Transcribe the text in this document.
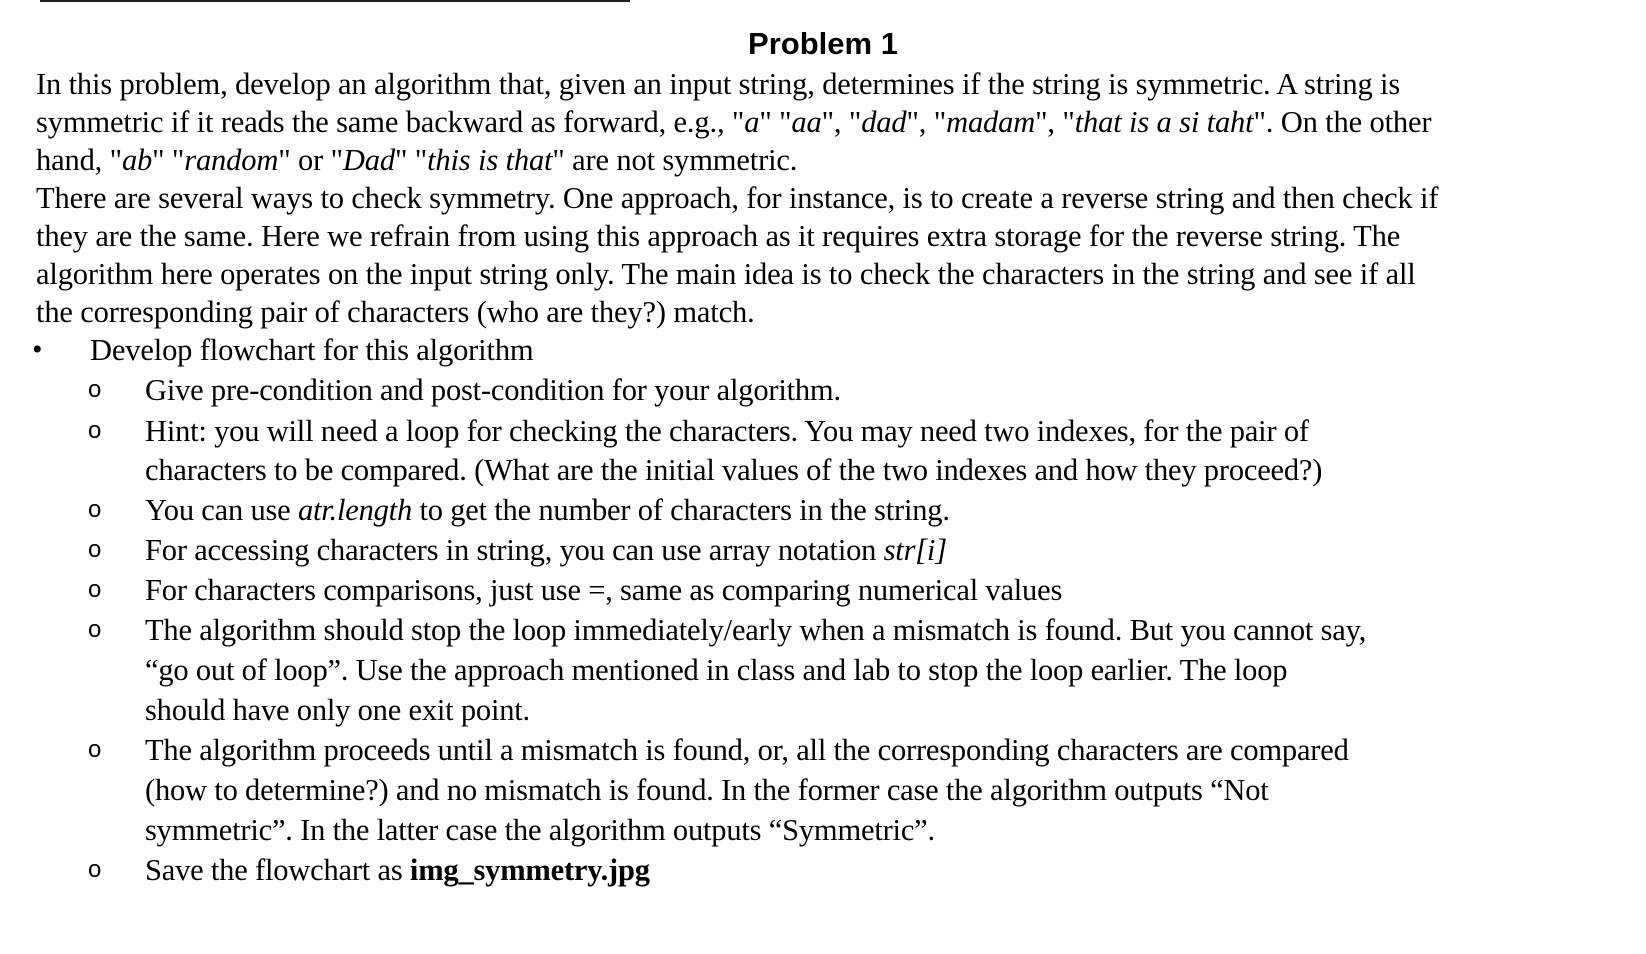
Problem 1
In this problem, develop an algorithm that, given an input string, determines if the string is symmetric. A string is
symmetric if it reads the same backward as forward, e.g., "a" "aa", "dad", "madam", "that is a si taht". On the other
hand, "ab" "random" or "Dad" "this is that" are not symmetric.
There are several ways to check symmetry. One approach, for instance, is to create a reverse string and then check if
they are the same. Here we refrain from using this approach as it requires extra storage for the reverse string. The
algorithm here operates on the input string only. The main idea is to check the characters in the string and see if all
the corresponding pair of characters (who are they?) match.
• Develop flowchart for this algorithm
o Give pre-condition and post-condition for your algorithm.
o Hint: you will need a loop for checking the characters. You may need two indexes, for the pair of
characters to be compared. (What are the initial values of the two indexes and how they proceed?)
o You can use atr.length to get the number of characters in the string.
o For accessing characters in string, you can use array notation str[i]
o For characters comparisons, just use =, same as comparing numerical values
o The algorithm should stop the loop immediately/early when a mismatch is found. But you cannot say,
“go out of loop”. Use the approach mentioned in class and lab to stop the loop earlier. The loop
should have only one exit point.
o The algorithm proceeds until a mismatch is found, or, all the corresponding characters are compared
(how to determine?) and no mismatch is found. In the former case the algorithm outputs “Not
symmetric”. In the latter case the algorithm outputs “Symmetric”.
o Save the flowchart as img_symmetry.jpg
